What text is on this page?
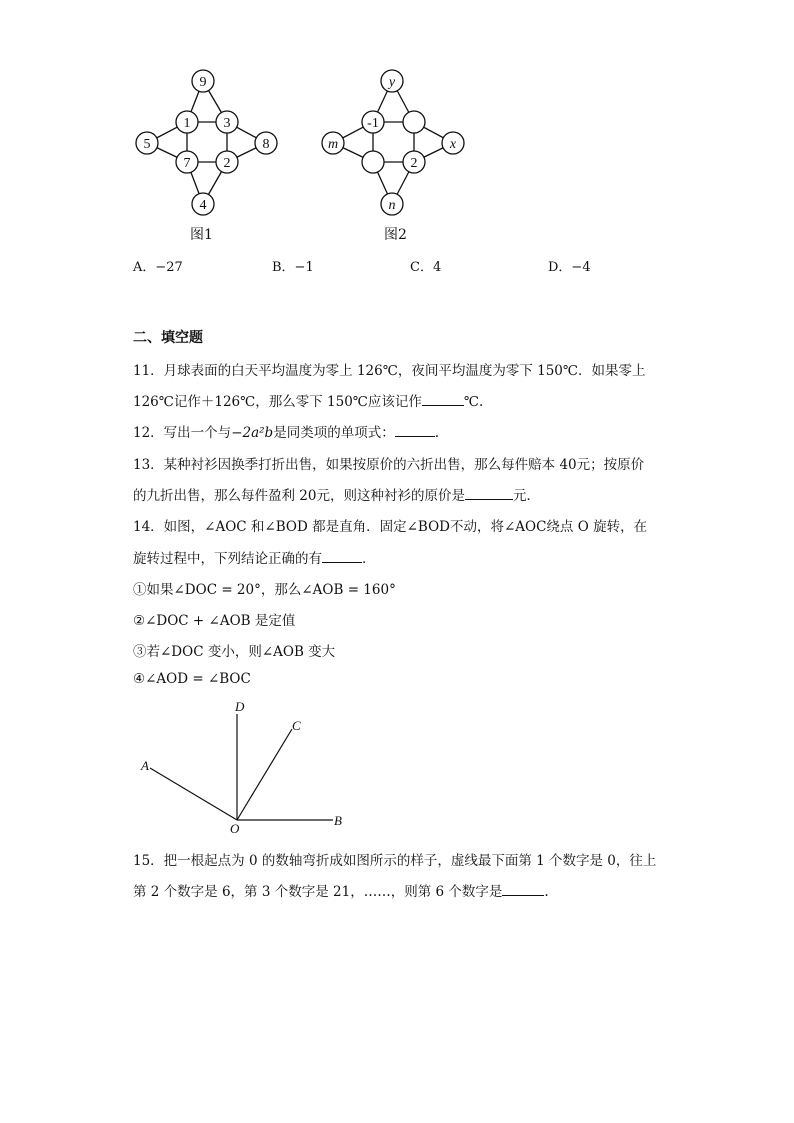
9
1 3
5
7 2
8
4
图1
y
-1
m
2
x
n
图2
A．−27	B．−1	C．4	D．−4
二、填空题
11．月球表面的白天平均温度为零上 126℃，夜间平均温度为零下 150℃．如果零上
126℃记作＋126℃，那么零下 150℃应该记作	℃.
12．写出一个与−2a²b是同类项的单项式：	.
13．某种衬衫因换季打折出售，如果按原价的六折出售，那么每件赔本 40元；按原价
的九折出售，那么每件盈利 20元，则这种衬衫的原价是	元．
14．如图，∠AOC 和∠BOD 都是直角．固定∠BOD不动，将∠AOC绕点 O 旋转，在
旋转过程中，下列结论正确的有	．
①如果∠DOC = 20°，那么∠AOB = 160°
②∠DOC + ∠AOB 是定值
③若∠DOC 变小，则∠AOB 变大
④∠AOD = ∠BOC
D
C
A
O
B
15．把一根起点为 0 的数轴弯折成如图所示的样子，虚线最下面第 1 个数字是 0，往上
第 2 个数字是 6，第 3 个数字是 21，……，则第 6 个数字是	.
